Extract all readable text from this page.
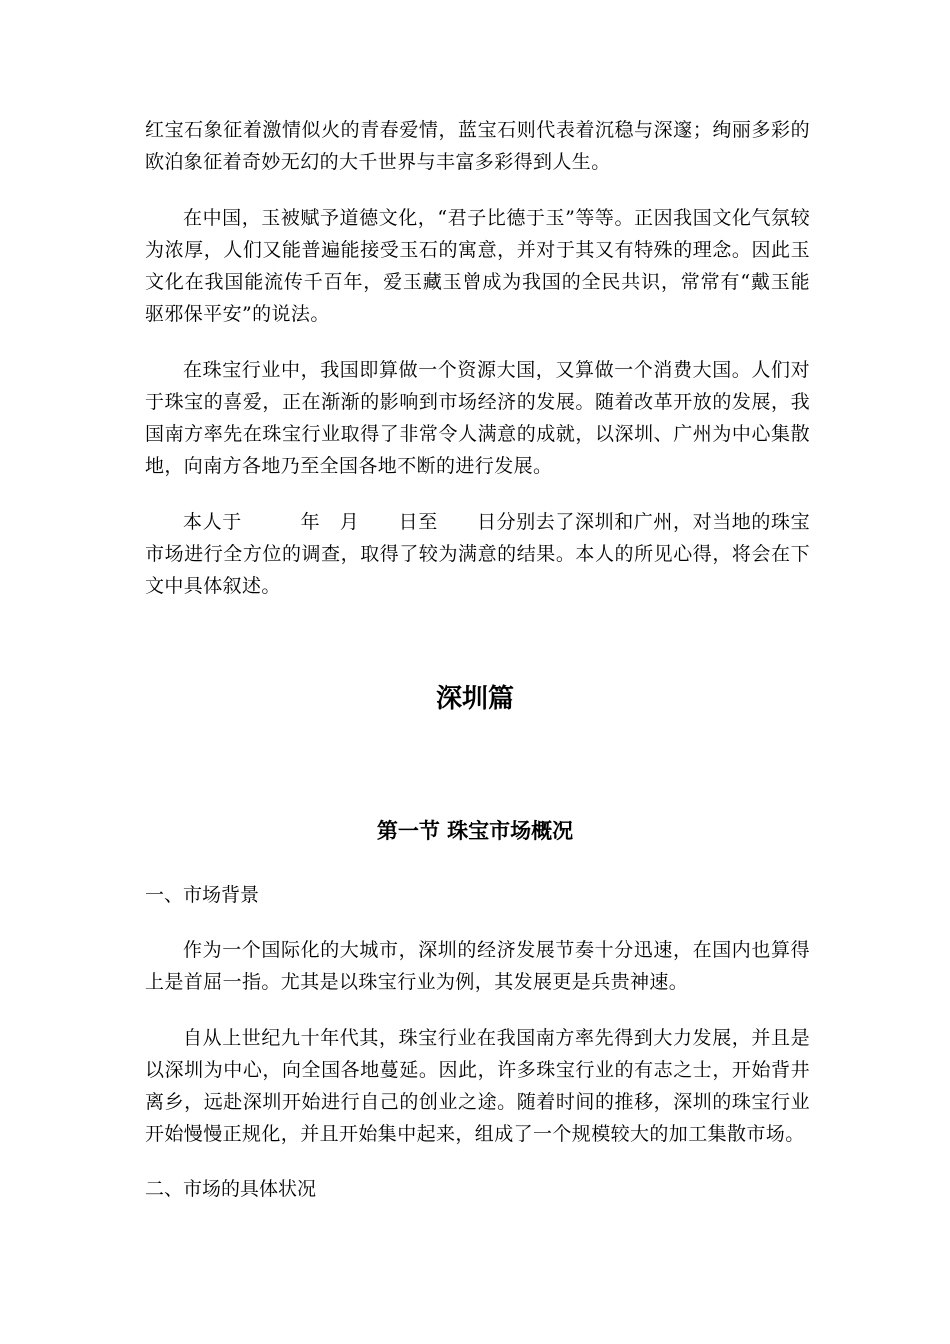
红宝石象征着激情似火的青春爱情，蓝宝石则代表着沉稳与深邃；绚丽多彩的欧泊象征着奇妙无幻的大千世界与丰富多彩得到人生。

在中国，玉被赋予道德文化，“君子比德于玉”等等。正因我国文化气氛较为浓厚，人们又能普遍能接受玉石的寓意，并对于其又有特殊的理念。因此玉文化在我国能流传千百年，爱玉藏玉曾成为我国的全民共识，常常有“戴玉能驱邪保平安”的说法。

在珠宝行业中，我国即算做一个资源大国，又算做一个消费大国。人们对于珠宝的喜爱，正在渐渐的影响到市场经济的发展。随着改革开放的发展，我国南方率先在珠宝行业取得了非常令人满意的成就，以深圳、广州为中心集散地，向南方各地乃至全国各地不断的进行发展。

本人于　　　年　月　　日至　　日分别去了深圳和广州，对当地的珠宝市场进行全方位的调查，取得了较为满意的结果。本人的所见心得，将会在下文中具体叙述。

深圳篇
第一节 珠宝市场概况

一、市场背景

作为一个国际化的大城市，深圳的经济发展节奏十分迅速，在国内也算得上是首屈一指。尤其是以珠宝行业为例，其发展更是兵贵神速。

自从上世纪九十年代其，珠宝行业在我国南方率先得到大力发展，并且是以深圳为中心，向全国各地蔓延。因此，许多珠宝行业的有志之士，开始背井离乡，远赴深圳开始进行自己的创业之途。随着时间的推移，深圳的珠宝行业开始慢慢正规化，并且开始集中起来，组成了一个规模较大的加工集散市场。

二、市场的具体状况
